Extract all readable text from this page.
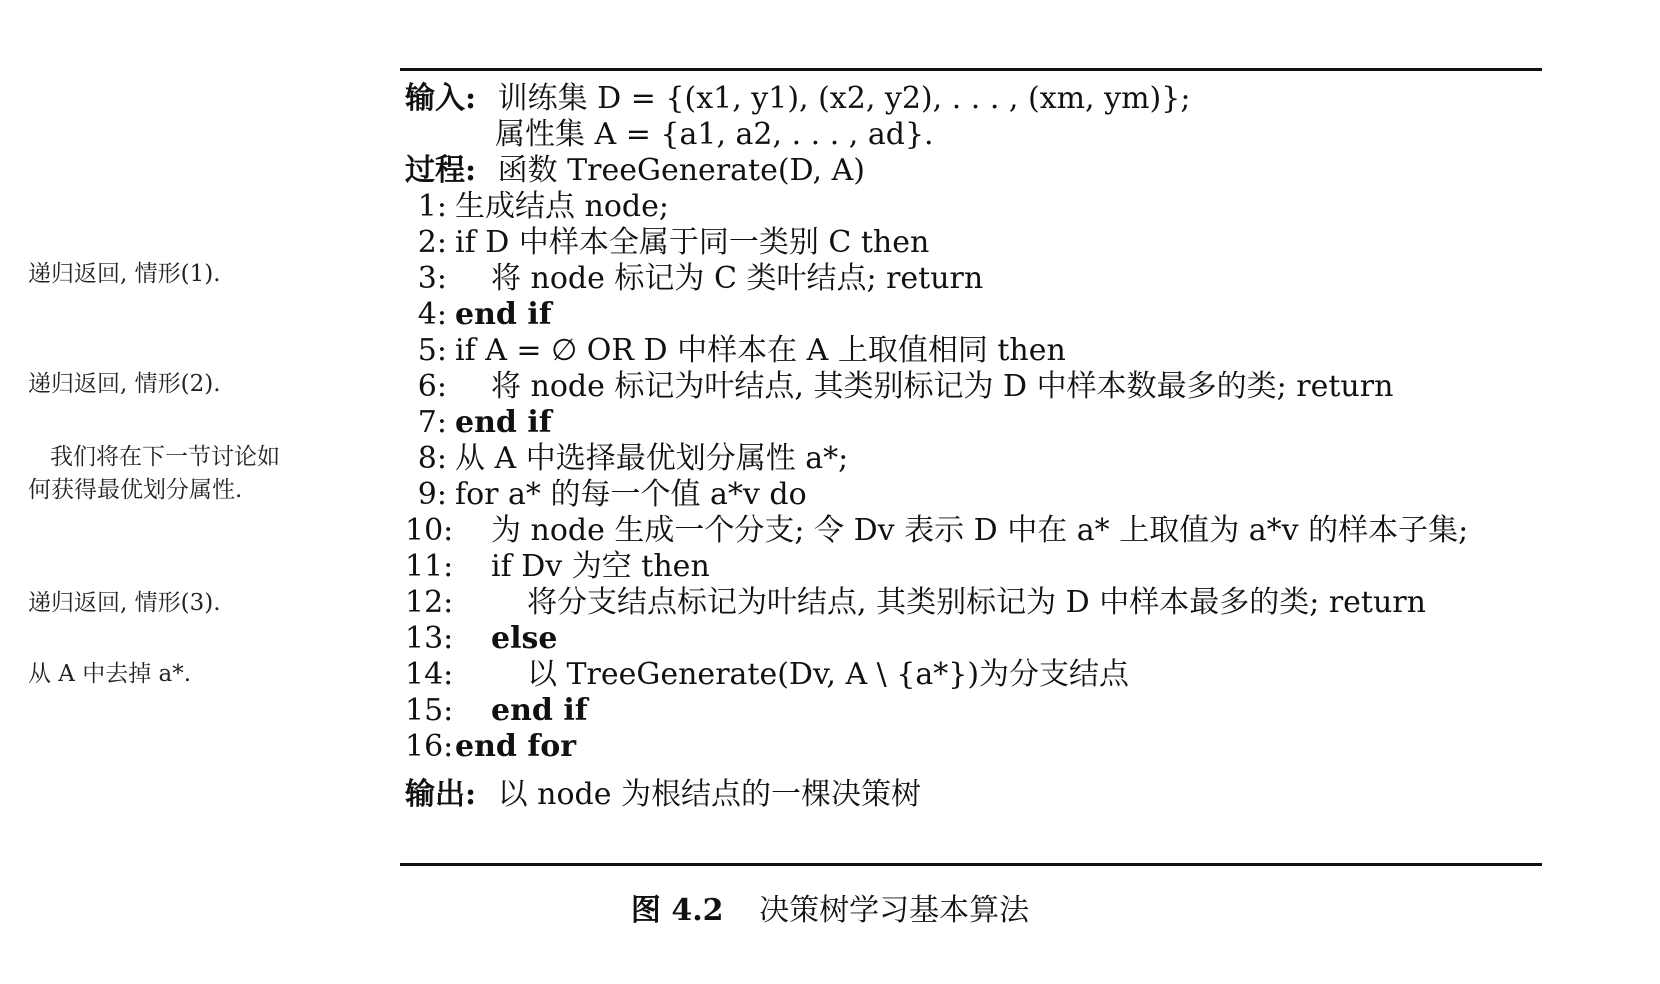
递归返回, 情形(1).
递归返回, 情形(2).
我们将在下一节讨论如
何获得最优划分属性.
递归返回, 情形(3).
从 A 中去掉 a*.
输入: 训练集 D = {(x1, y1), (x2, y2), . . . , (xm, ym)};
属性集 A = {a1, a2, . . . , ad}.
过程: 函数 TreeGenerate(D, A)
1: 生成结点 node;
2: if D 中样本全属于同一类别 C then
3:	将 node 标记为 C 类叶结点; return
4: end if
5: if A = ∅ OR D 中样本在 A 上取值相同 then
6:	将 node 标记为叶结点, 其类别标记为 D 中样本数最多的类; return
7: end if
8: 从 A 中选择最优划分属性 a*;
9: for a* 的每一个值 a*v do
10:	为 node 生成一个分支; 令 Dv 表示 D 中在 a* 上取值为 a*v 的样本子集;
11:	if Dv 为空 then
12:	将分支结点标记为叶结点, 其类别标记为 D 中样本最多的类; return
13:	else
14:	以 TreeGenerate(Dv, A \ {a*})为分支结点
15:	end if
16: end for
输出: 以 node 为根结点的一棵决策树
图 4.2 决策树学习基本算法
